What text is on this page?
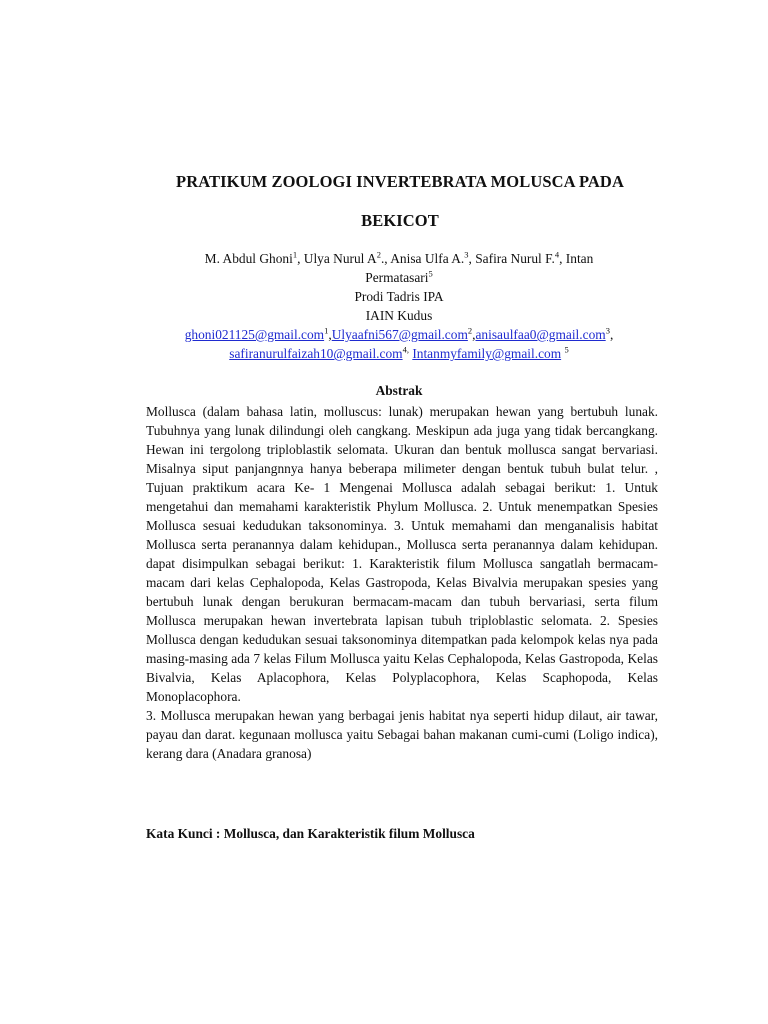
PRATIKUM ZOOLOGI INVERTEBRATA MOLUSCA PADA
BEKICOT
M. Abdul Ghoni$^1$, Ulya Nurul $A^2$., Anisa Ulfa A.$^3$, Safira Nurul F.$^4$, Intan
Permatasari$^5$
Prodi Tadris IPA
IAIN Kudus
ghoni021125@gmail.com$^1$,Ulyaafni567@gmail.com$^2$,anisaulfaa0@gmail.com$^3$,
safiranurulfaizah10@gmail.com$^{4,}$ Intanmyfamily@gmail.com $^5$
Abstrak

Mollusca (dalam bahasa latin, molluscus: lunak) merupakan hewan yang bertubuh lunak. Tubuhnya yang lunak dilindungi oleh cangkang. Meskipun ada juga yang tidak bercangkang. Hewan ini tergolong triploblastik selomata. Ukuran dan bentuk mollusca sangat bervariasi. Misalnya siput panjangnnya hanya beberapa milimeter dengan bentuk tubuh bulat telur. , Tujuan praktikum acara Ke- 1 Mengenai Mollusca adalah sebagai berikut: 1. Untuk mengetahui dan memahami karakteristik Phylum Mollusca. 2. Untuk menempatkan Spesies Mollusca sesuai kedudukan taksonominya. 3. Untuk memahami dan menganalisis habitat Mollusca serta peranannya dalam kehidupan., Mollusca serta peranannya dalam kehidupan. dapat disimpulkan sebagai berikut: 1. Karakteristik filum Mollusca sangatlah bermacam-macam dari kelas Cephalopoda, Kelas Gastropoda, Kelas Bivalvia merupakan spesies yang bertubuh lunak dengan berukuran bermacam-macam dan tubuh bervariasi, serta filum Mollusca merupakan hewan invertebrata lapisan tubuh triploblastic selomata. 2. Spesies Mollusca dengan kedudukan sesuai taksonominya ditempatkan pada kelompok kelas nya pada masing-masing ada 7 kelas Filum Mollusca yaitu Kelas Cephalopoda, Kelas Gastropoda, Kelas Bivalvia, Kelas Aplacophora, Kelas Polyplacophora, Kelas Scaphopoda, Kelas Monoplacophora.

3. Mollusca merupakan hewan yang berbagai jenis habitat nya seperti hidup dilaut, air tawar, payau dan darat. kegunaan mollusca yaitu Sebagai bahan makanan cumi-cumi (Loligo indica), kerang dara (Anadara granosa)

Kata Kunci : Mollusca, dan Karakteristik filum Mollusca
